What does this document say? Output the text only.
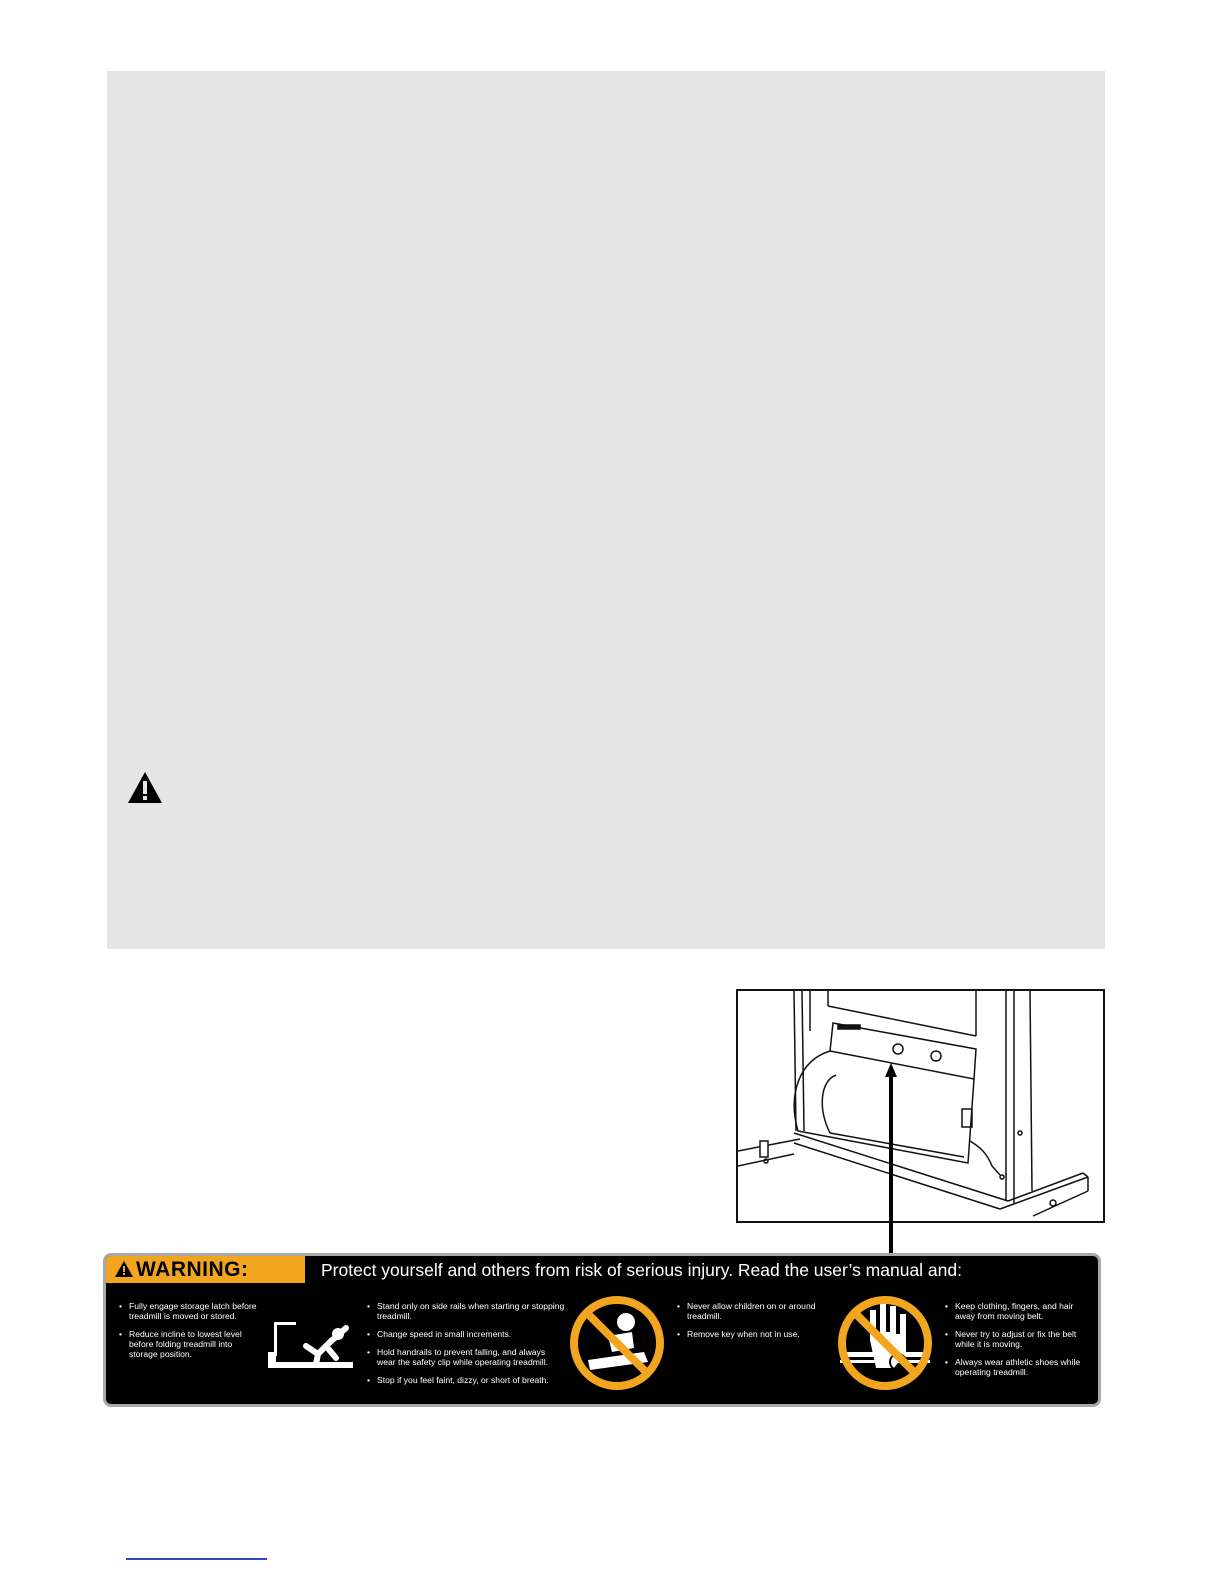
WARNING:	Protect yourself and others from risk of serious injury. Read the user’s manual and:
• Fully engage storage latch before treadmill is moved or stored.
• Reduce incline to lowest level before folding treadmill into storage position.
• Stand only on side rails when starting or stopping treadmill.
• Change speed in small increments.
• Hold handrails to prevent falling, and always wear the safety clip while operating treadmill.
• Stop if you feel faint, dizzy, or short of breath.
• Never allow children on or around treadmill.
• Remove key when not in use.
• Keep clothing, fingers, and hair away from moving belt.
• Never try to adjust or fix the belt while it is moving.
• Always wear athletic shoes while operating treadmill.
